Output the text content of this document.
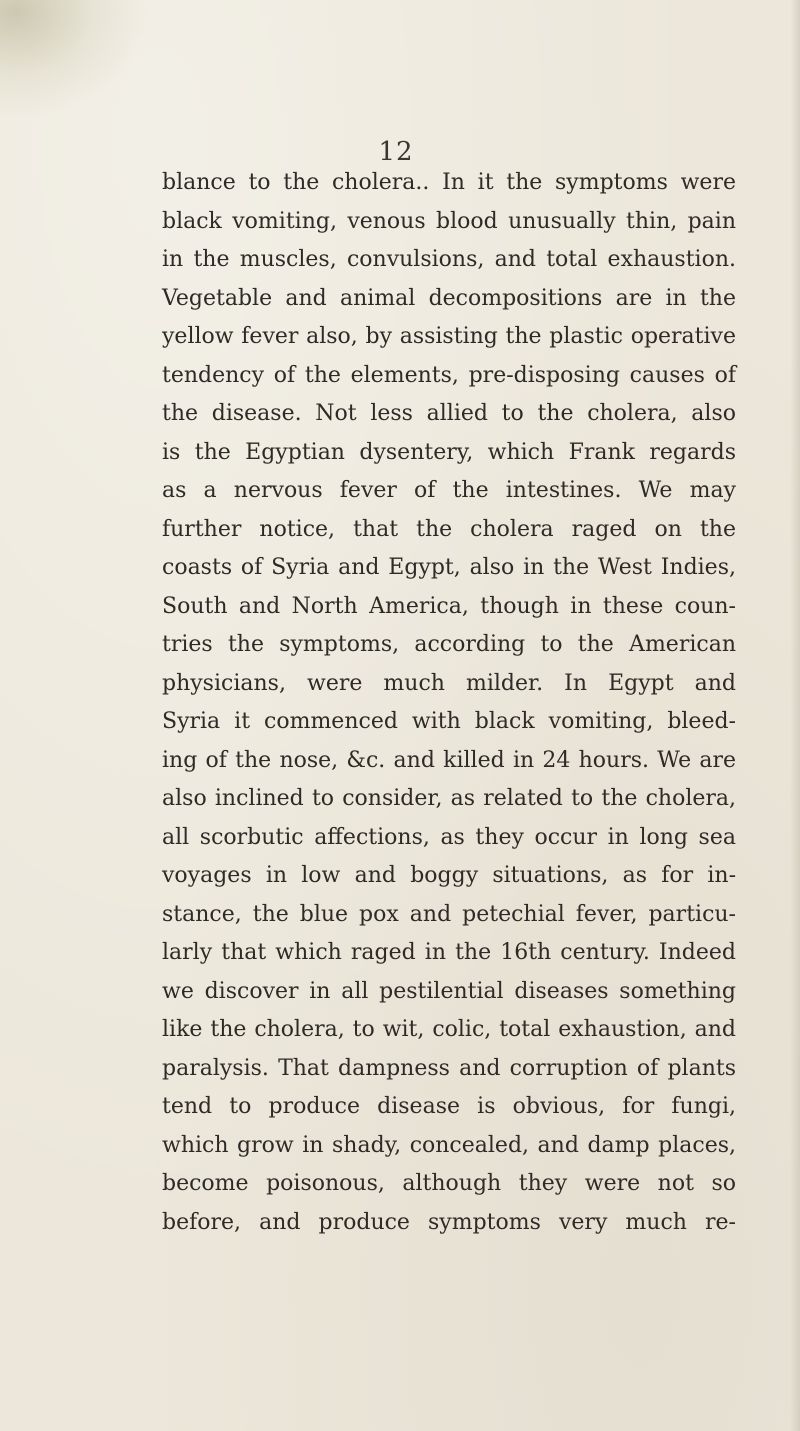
12
blance to the cholera.. In it the symptoms were
black vomiting, venous blood unusually thin, pain
in the muscles, convulsions, and total exhaustion.
Vegetable and animal decompositions are in the
yellow fever also, by assisting the plastic operative
tendency of the elements, pre-disposing causes of
the disease. Not less allied to the cholera, also
is the Egyptian dysentery, which Frank regards
as a nervous fever of the intestines. We may
further notice, that the cholera raged on the
coasts of Syria and Egypt, also in the West Indies,
South and North America, though in these coun-
tries the symptoms, according to the American
physicians, were much milder. In Egypt and
Syria it commenced with black vomiting, bleed-
ing of the nose, &c. and killed in 24 hours. We are
also inclined to consider, as related to the cholera,
all scorbutic affections, as they occur in long sea
voyages in low and boggy situations, as for in-
stance, the blue pox and petechial fever, particu-
larly that which raged in the 16th century. Indeed
we discover in all pestilential diseases something
like the cholera, to wit, colic, total exhaustion, and
paralysis. That dampness and corruption of plants
tend to produce disease is obvious, for fungi,
which grow in shady, concealed, and damp places,
become poisonous, although they were not so
before, and produce symptoms very much re-
